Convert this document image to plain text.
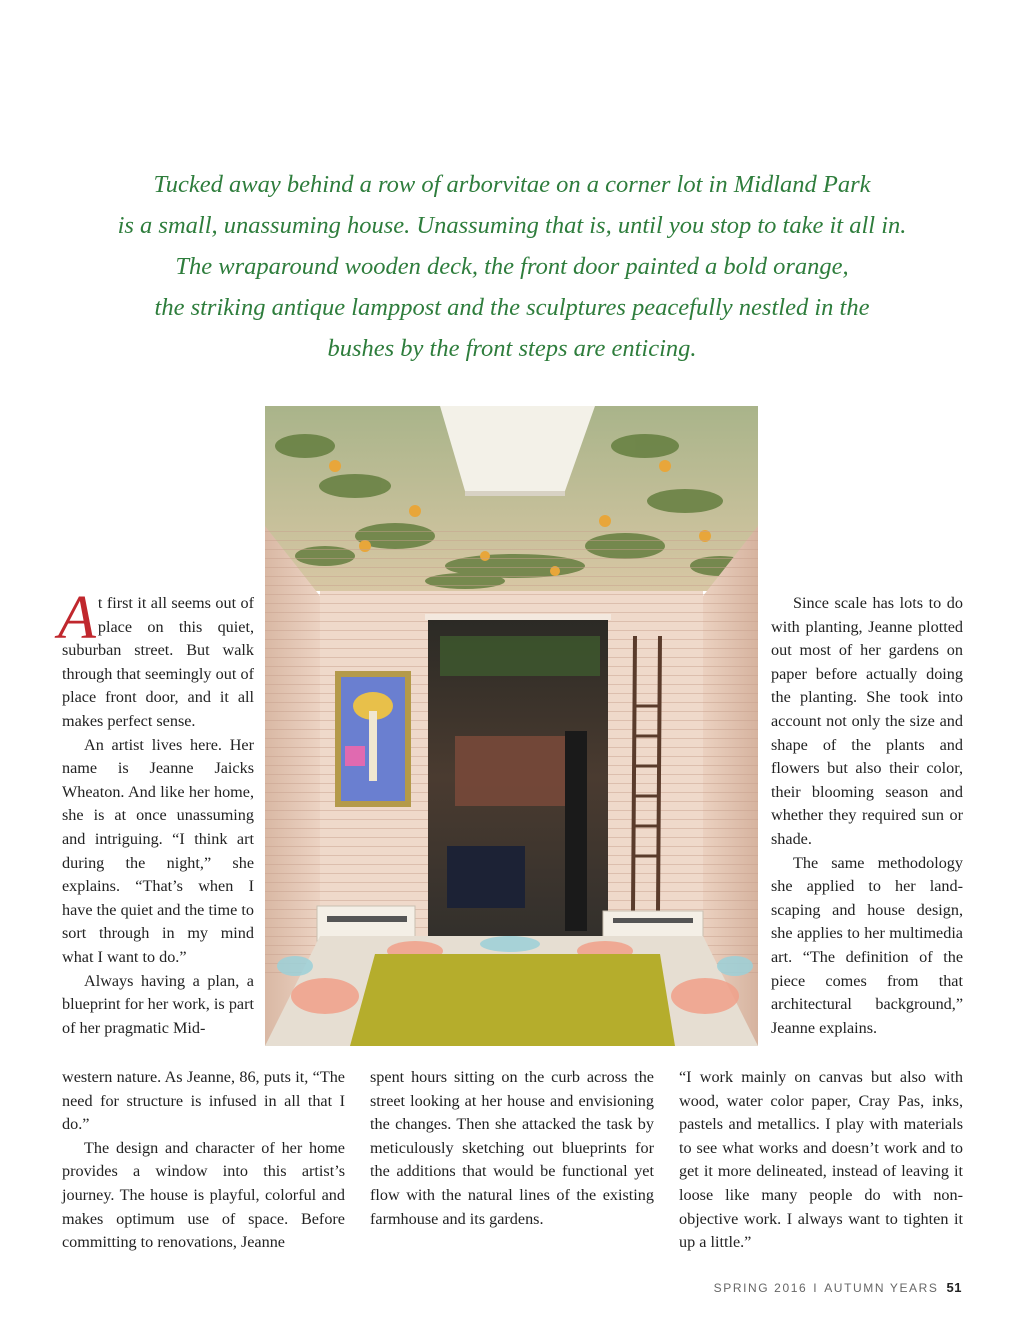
Tucked away behind a row of arborvitae on a corner lot in Midland Park

is a small, unassuming house. Unassuming that is, until you stop to take it all in.

The wraparound wooden deck, the front door painted a bold orange,

the striking antique lamppost and the sculptures peacefully nestled in the

bushes by the front steps are enticing.

At first it all seems out of place on this quiet, suburban street. But walk through that seemingly out of place front door, and it all makes perfect sense.

An artist lives here. Her name is Jeanne Jaicks Wheaton. And like her home, she is at once unassuming and intriguing. “I think art during the night,” she explains. “That’s when I have the quiet and the time to sort through in my mind what I want to do.”

Always having a plan, a blueprint for her work, is part of her pragmatic Mid-

western nature. As Jeanne, 86, puts it, “The need for structure is infused in all that I do.”

The design and character of her home provides a window into this artist’s journey. The house is playful, colorful and makes optimum use of space. Before committing to renovations, Jeanne

spent hours sitting on the curb across the street looking at her house and envisioning the changes. Then she attacked the task by meticulously sketching out blueprints for the additions that would be functional yet flow with the natural lines of the existing farmhouse and its gardens.

Since scale has lots to do with planting, Jeanne plotted out most of her gardens on paper before actually doing the planting. She took into account not only the size and shape of the plants and flowers but also their color, their blooming season and whether they required sun or shade.

The same methodology she applied to her landscaping and house design, she applies to her multimedia art. “The definition of the piece comes from that architectural background,” Jeanne explains.

“I work mainly on canvas but also with wood, water color paper, Cray Pas, inks, pastels and metallics. I play with materials to see what works and doesn’t work and to get it more delineated, instead of leaving it loose like many people do with non-objective work. I always want to tighten it up a little.”

SPRING 2016 I AUTUMN YEARS 51
